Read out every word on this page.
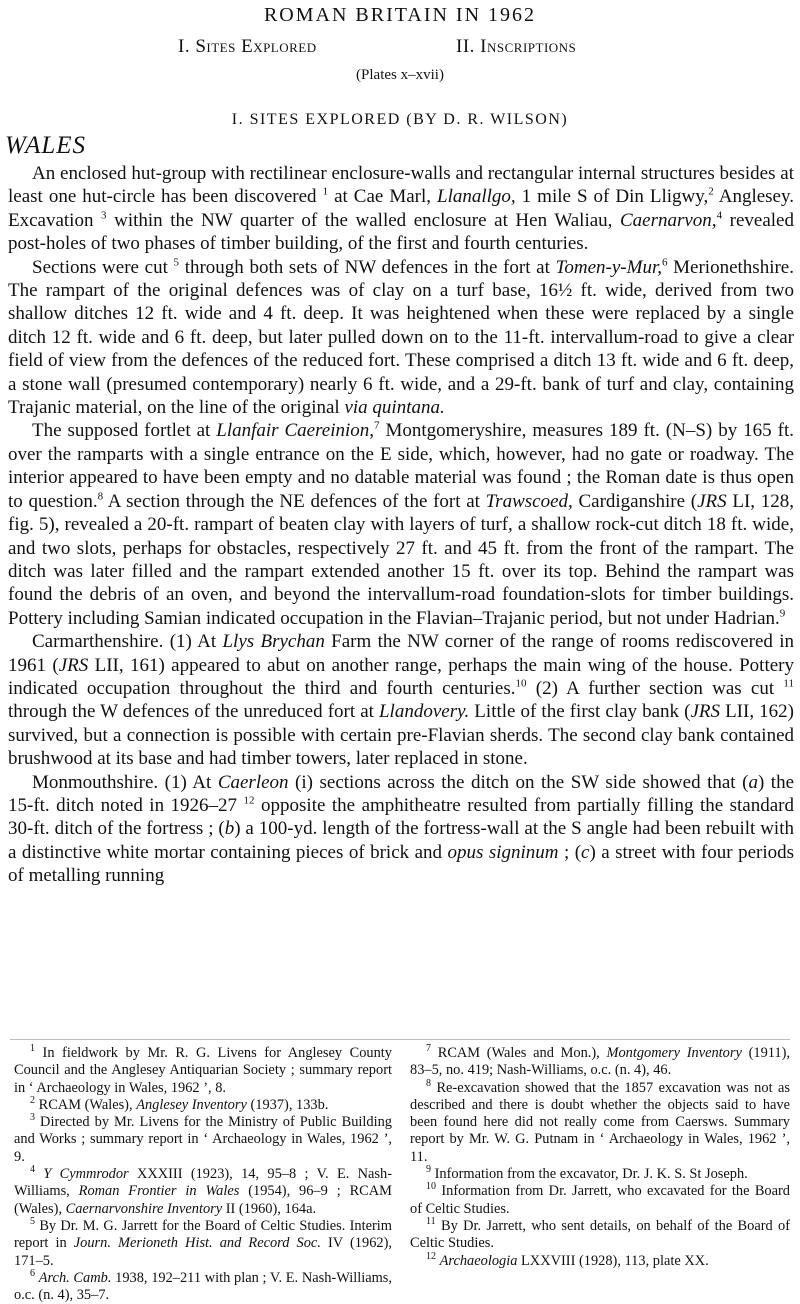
ROMAN BRITAIN IN 1962
I. Sites Explored	II. Inscriptions
(Plates x–xvii)
I. SITES EXPLORED (BY D. R. WILSON)
WALES

An enclosed hut-group with rectilinear enclosure-walls and rectangular internal structures besides at least one hut-circle has been discovered $^1$ at Cae Marl, Llanallgo, 1 mile S of Din Lligwy,$^2$ Anglesey. Excavation $^3$ within the NW quarter of the walled enclosure at Hen Waliau, Caernarvon,$^4$ revealed post-holes of two phases of timber building, of the first and fourth centuries.

Sections were cut $^5$ through both sets of NW defences in the fort at Tomen-y-Mur,$^6$ Merionethshire. The rampart of the original defences was of clay on a turf base, 16½ ft. wide, derived from two shallow ditches 12 ft. wide and 4 ft. deep. It was heightened when these were replaced by a single ditch 12 ft. wide and 6 ft. deep, but later pulled down on to the 11-ft. intervallum-road to give a clear field of view from the defences of the reduced fort. These comprised a ditch 13 ft. wide and 6 ft. deep, a stone wall (presumed contemporary) nearly 6 ft. wide, and a 29-ft. bank of turf and clay, containing Trajanic material, on the line of the original via quintana.

The supposed fortlet at Llanfair Caereinion,$^7$ Montgomeryshire, measures 189 ft. (N–S) by 165 ft. over the ramparts with a single entrance on the E side, which, however, had no gate or roadway. The interior appeared to have been empty and no datable material was found ; the Roman date is thus open to question.$^8$ A section through the NE defences of the fort at Trawscoed, Cardiganshire (JRS LI, 128, fig. 5), revealed a 20-ft. rampart of beaten clay with layers of turf, a shallow rock-cut ditch 18 ft. wide, and two slots, perhaps for obstacles, respectively 27 ft. and 45 ft. from the front of the rampart. The ditch was later filled and the rampart extended another 15 ft. over its top. Behind the rampart was found the debris of an oven, and beyond the intervallum-road foundation-slots for timber buildings. Pottery including Samian indicated occupation in the Flavian–Trajanic period, but not under Hadrian.$^9$

Carmarthenshire. (1) At Llys Brychan Farm the NW corner of the range of rooms rediscovered in 1961 (JRS LII, 161) appeared to abut on another range, perhaps the main wing of the house. Pottery indicated occupation throughout the third and fourth centuries.$^{10}$ (2) A further section was cut $^{11}$ through the W defences of the unreduced fort at Llandovery. Little of the first clay bank (JRS LII, 162) survived, but a connection is possible with certain pre-Flavian sherds. The second clay bank contained brushwood at its base and had timber towers, later replaced in stone.

Monmouthshire. (1) At Caerleon (i) sections across the ditch on the SW side showed that (a) the 15-ft. ditch noted in 1926–27 $^{12}$ opposite the amphitheatre resulted from partially filling the standard 30-ft. ditch of the fortress ; (b) a 100-yd. length of the fortress-wall at the S angle had been rebuilt with a distinctive white mortar containing pieces of brick and opus signinum ; (c) a street with four periods of metalling running

$^1$ In fieldwork by Mr. R. G. Livens for Anglesey County Council and the Anglesey Antiquarian Society ; summary report in ‘ Archaeology in Wales, 1962 ’, 8.

$^2$ RCAM (Wales), Anglesey Inventory (1937), 133b.

$^3$ Directed by Mr. Livens for the Ministry of Public Building and Works ; summary report in ‘ Archaeology in Wales, 1962 ’, 9.

$^4$ Y Cymmrodor XXXIII (1923), 14, 95–8 ; V. E. Nash-Williams, Roman Frontier in Wales (1954), 96–9 ; RCAM (Wales), Caernarvonshire Inventory II (1960), 164a.

$^5$ By Dr. M. G. Jarrett for the Board of Celtic Studies. Interim report in Journ. Merioneth Hist. and Record Soc. IV (1962), 171–5.

$^6$ Arch. Camb. 1938, 192–211 with plan ; V. E. Nash-Williams, o.c. (n. 4), 35–7.

$^7$ RCAM (Wales and Mon.), Montgomery Inventory (1911), 83–5, no. 419; Nash-Williams, o.c. (n. 4), 46.

$^8$ Re-excavation showed that the 1857 excavation was not as described and there is doubt whether the objects said to have been found here did not really come from Caersws. Summary report by Mr. W. G. Putnam in ‘ Archaeology in Wales, 1962 ’, 11.

$^9$ Information from the excavator, Dr. J. K. S. St Joseph.

$^{10}$ Information from Dr. Jarrett, who excavated for the Board of Celtic Studies.

$^{11}$ By Dr. Jarrett, who sent details, on behalf of the Board of Celtic Studies.

$^{12}$ Archaeologia LXXVIII (1928), 113, plate XX.
